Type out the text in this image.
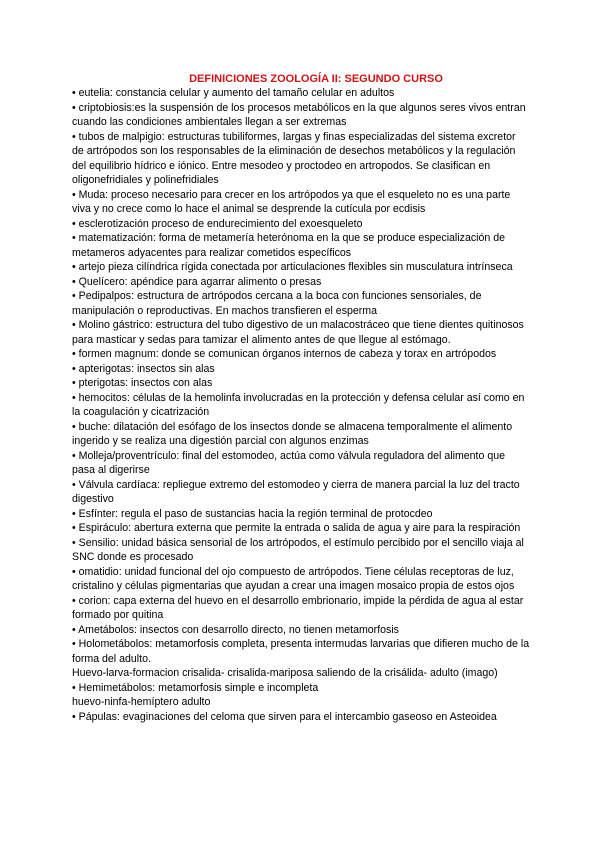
DEFINICIONES ZOOLOGÍA II: SEGUNDO CURSO

• eutelia: constancia celular y aumento del tamaño celular en adultos

• criptobiosis:es la suspensión de los procesos metabólicos en la que algunos seres vivos entran cuando las condiciones ambientales llegan a ser extremas

• tubos de malpigio: estructuras tubiliformes, largas y finas especializadas del sistema excretor de artrópodos son los responsables de la eliminación de desechos metabólicos y la regulación del equilibrio hídrico e iónico. Entre mesodeo y proctodeo en artropodos. Se clasifican en oligonefridiales y polinefridiales

• Muda: proceso necesario para crecer en los artrópodos ya que el esqueleto no es una parte viva y no crece como lo hace el animal se desprende la cutícula por ecdisis

• esclerotización proceso de endurecimiento del exoesqueleto

• matematización: forma de metamería heterónoma en la que se produce especialización de metameros adyacentes para realizar cometidos específicos

• artejo pieza cilíndrica rígida conectada por articulaciones flexibles sin musculatura intrínseca

• Quelícero: apéndice para agarrar alimento o presas

• Pedipalpos: estructura de artrópodos cercana a la boca con funciones sensoriales, de manipulación o reproductivas. En machos transfieren el esperma

• Molino gástrico: estructura del tubo digestivo de un malacostráceo que tiene dientes quitinosos para masticar y sedas para tamizar el alimento antes de que llegue al estómago.

• formen magnum: donde se comunican órganos internos de cabeza y torax en artrópodos

• apterigotas: insectos sin alas

• pterigotas: insectos con alas

• hemocitos: células de la hemolinfa involucradas en la protección y defensa celular así como en la coagulación y cicatrización

• buche: dilatación del esófago de los insectos donde se almacena temporalmente el alimento ingerido y se realiza una digestión parcial con algunos enzimas

• Molleja/proventrículo: final del estomodeo, actúa como válvula reguladora del alimento que pasa al digerirse

• Válvula cardíaca: repliegue extremo del estomodeo y cierra de manera parcial la luz del tracto digestivo

• Esfínter: regula el paso de sustancias hacia la región terminal de protocdeo

• Espiráculo: abertura externa que permite la entrada o salida de agua y aire para la respiración

• Sensilio: unidad básica sensorial de los artrópodos, el estímulo percibido por el sencillo viaja al SNC donde es procesado

• omatidio: unidad funcional del ojo compuesto de artrópodos. Tiene células receptoras de luz, cristalino y células pigmentarias que ayudan a crear una imagen mosaico propia de estos ojos

• corion: capa externa del huevo en el desarrollo embrionario, impide la pérdida de agua al estar formado por quitina

• Ametábolos: insectos con desarrollo directo, no tienen metamorfosis

• Holometábolos: metamorfosis completa, presenta intermudas larvarias que difieren mucho de la forma del adulto.

Huevo-larva-formacion crisalida- crisalida-mariposa saliendo de la crisálida- adulto (imago)

• Hemimetábolos: metamorfosis simple e incompleta

huevo-ninfa-hemíptero adulto

• Pápulas: evaginaciones del celoma que sirven para el intercambio gaseoso en Asteoidea
